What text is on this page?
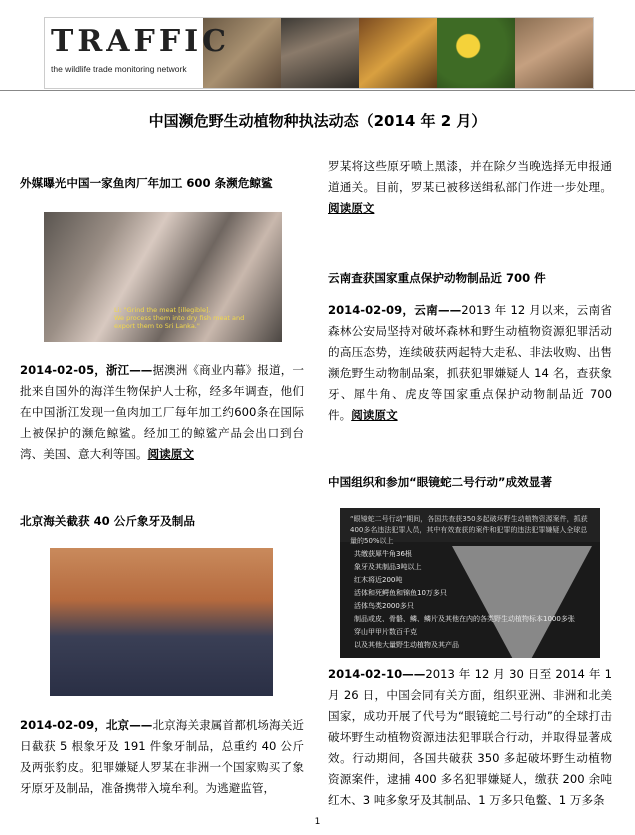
TRAFFIC
the wildlife trade monitoring network
中国濒危野生动植物种执法动态（2014 年 2 月）
外媒曝光中国一家鱼肉厂年加工 600 条濒危鲸鲨
Li: "Grind the meat [illegible].
We process them into dry fish meat and
export them to Sri Lanka."
2014-02-05，浙江——据澳洲《商业内幕》报道，一批来自国外的海洋生物保护人士称，经多年调查，他们在中国浙江发现一鱼肉加工厂每年加工约600条在国际上被保护的濒危鲸鲨。经加工的鲸鲨产品会出口到台湾、美国、意大利等国。阅读原文
北京海关截获 40 公斤象牙及制品
2014-02-09，北京——北京海关隶属首都机场海关近日截获 5 根象牙及 191 件象牙制品，总重约 40 公斤及两张豹皮。犯罪嫌疑人罗某在非洲一个国家购买了象牙原牙及制品，准备携带入境牟利。为逃避监管，
罗某将这些原牙喷上黑漆，并在除夕当晚选择无申报通道通关。目前，罗某已被移送缉私部门作进一步处理。阅读原文
云南查获国家重点保护动物制品近 700 件
2014-02-09，云南——2013 年 12 月以来，云南省森林公安局坚持对破坏森林和野生动植物资源犯罪活动的高压态势，连续破获两起特大走私、非法收购、出售濒危野生动物制品案，抓获犯罪嫌疑人 14 名，查获象牙、犀牛角、虎皮等国家重点保护动物制品近 700 件。阅读原文
中国组织和参加“眼镜蛇二号行动”成效显著
“眼镜蛇二号行动”期间，各国共查获350多起破坏野生动植物资源案件，抓获400多名违法犯罪人员，其中有效查获的案件和犯罪的违法犯罪嫌疑人全球总量的50%以上
共缴获犀牛角36根
象牙及其制品3吨以上
红木将近200吨
活体和死鳄鱼和锦鱼10万多只
活体鸟类2000多只
制品或皮、骨骼、鳞、鳞片及其他在内的各类野生动植物标本1000多张
穿山甲甲片数百千克
以及其他大量野生动植物及其产品
2014-02-10——2013 年 12 月 30 日至 2014 年 1 月 26 日，中国会同有关方面，组织亚洲、非洲和北美国家，成功开展了代号为“眼镜蛇二号行动”的全球打击破坏野生动植物资源违法犯罪联合行动，并取得显著成效。行动期间，各国共破获 350 多起破坏野生动植物资源案件，逮捕 400 多名犯罪嫌疑人，缴获 200 余吨红木、3 吨多象牙及其制品、1 万多只龟鳖、1 万多条
1
